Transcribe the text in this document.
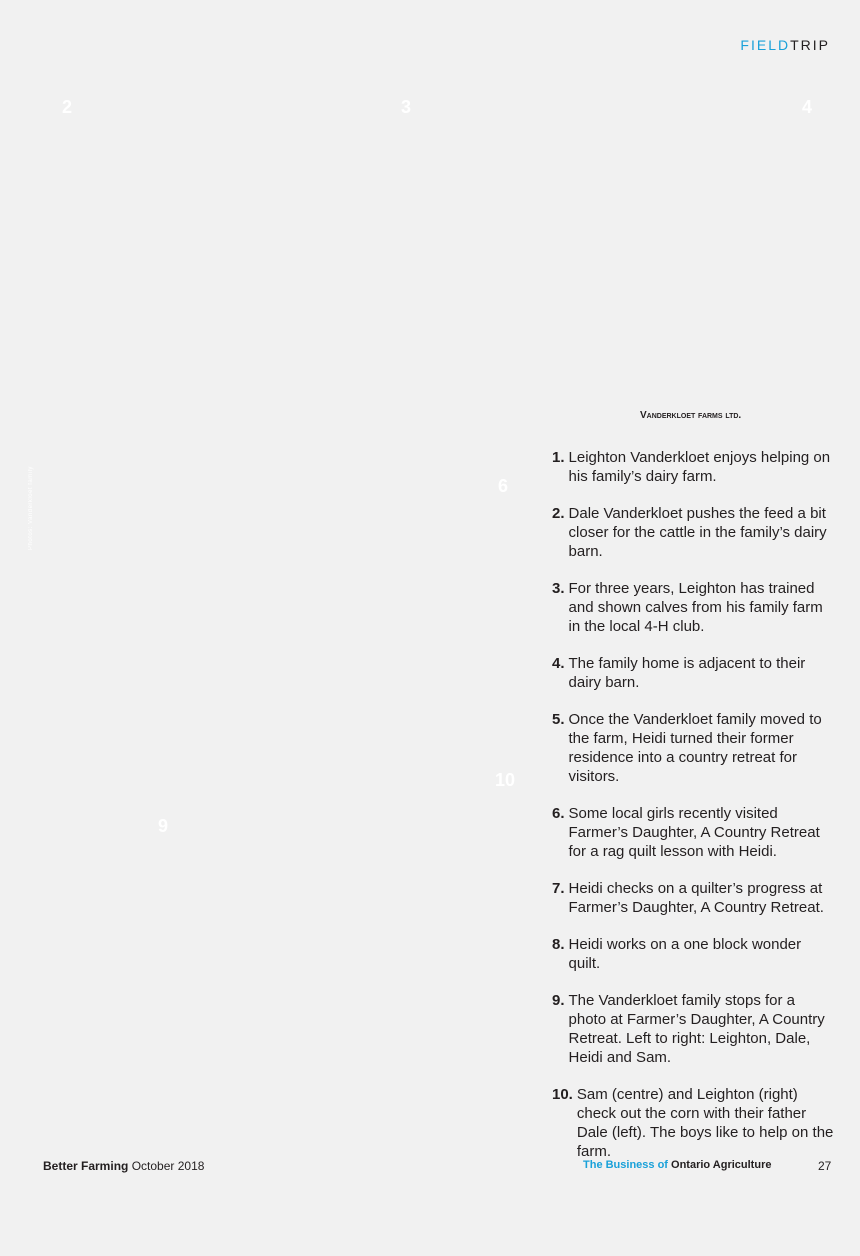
FIELDTRIP
2	3	4
6
10
9
Photos: Vanderkloet family
Vanderkloet farms ltd.
1. Leighton Vanderkloet enjoys helping on his family’s dairy farm.
2. Dale Vanderkloet pushes the feed a bit closer for the cattle in the family’s dairy barn.
3. For three years, Leighton has trained and shown calves from his family farm in the local 4-H club.
4. The family home is adjacent to their dairy barn.
5. Once the Vanderkloet family moved to the farm, Heidi turned their former residence into a country retreat for visitors.
6. Some local girls recently visited Farmer’s Daughter, A Country Retreat for a rag quilt lesson with Heidi.
7. Heidi checks on a quilter’s progress at Farmer’s Daughter, A Country Retreat.
8. Heidi works on a one block wonder quilt.
9. The Vanderkloet family stops for a photo at Farmer’s Daughter, A Country Retreat. Left to right: Leighton, Dale, Heidi and Sam.
10. Sam (centre) and Leighton (right) check out the corn with their father Dale (left). The boys like to help on the farm.
Better Farming October 2018	The Business of Ontario Agriculture	27
